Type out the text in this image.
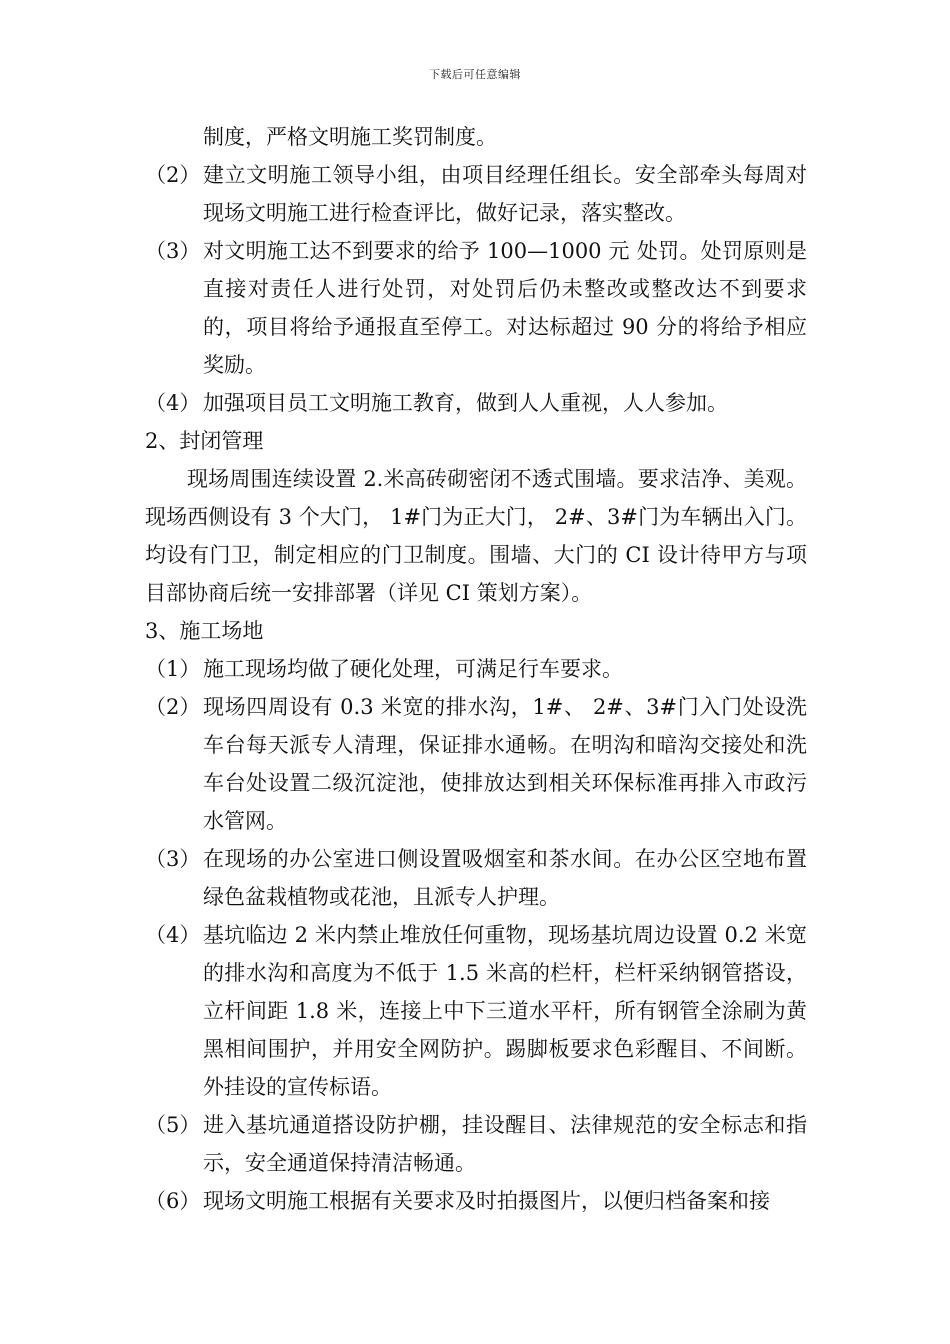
下载后可任意编辑

制度，严格文明施工奖罚制度。

（2） 建立文明施工领导小组，由项目经理任组长。安全部牵头每周对现场文明施工进行检查评比，做好记录，落实整改。
（3） 对文明施工达不到要求的给予 100—1000 元 处罚。处罚原则是直接对责任人进行处罚，对处罚后仍未整改或整改达不到要求的，项目将给予通报直至停工。对达标超过 90 分的将给予相应奖励。
（4） 加强项目员工文明施工教育，做到人人重视，人人参加。

2、封闭管理

现场周围连续设置 2.米高砖砌密闭不透式围墙。要求洁净、美观。现场西侧设有 3 个大门， 1#门为正大门， 2#、3#门为车辆出入门。均设有门卫，制定相应的门卫制度。围墙、大门的 CI 设计待甲方与项目部协商后统一安排部署（详见 CI 策划方案）。

3、施工场地

（1） 施工现场均做了硬化处理，可满足行车要求。
（2） 现场四周设有 0.3 米宽的排水沟，1#、 2#、3#门入门处设洗车台每天派专人清理，保证排水通畅。在明沟和暗沟交接处和洗车台处设置二级沉淀池，使排放达到相关环保标准再排入市政污水管网。
（3） 在现场的办公室进口侧设置吸烟室和茶水间。在办公区空地布置绿色盆栽植物或花池，且派专人护理。
（4） 基坑临边 2 米内禁止堆放任何重物，现场基坑周边设置 0.2 米宽的排水沟和高度为不低于 1.5 米高的栏杆，栏杆采纳钢管搭设，立杆间距 1.8 米，连接上中下三道水平杆，所有钢管全涂刷为黄黑相间围护，并用安全网防护。踢脚板要求色彩醒目、不间断。外挂设的宣传标语。
（5） 进入基坑通道搭设防护棚，挂设醒目、法律规范的安全标志和指示，安全通道保持清洁畅通。
（6） 现场文明施工根据有关要求及时拍摄图片，以便归档备案和接
